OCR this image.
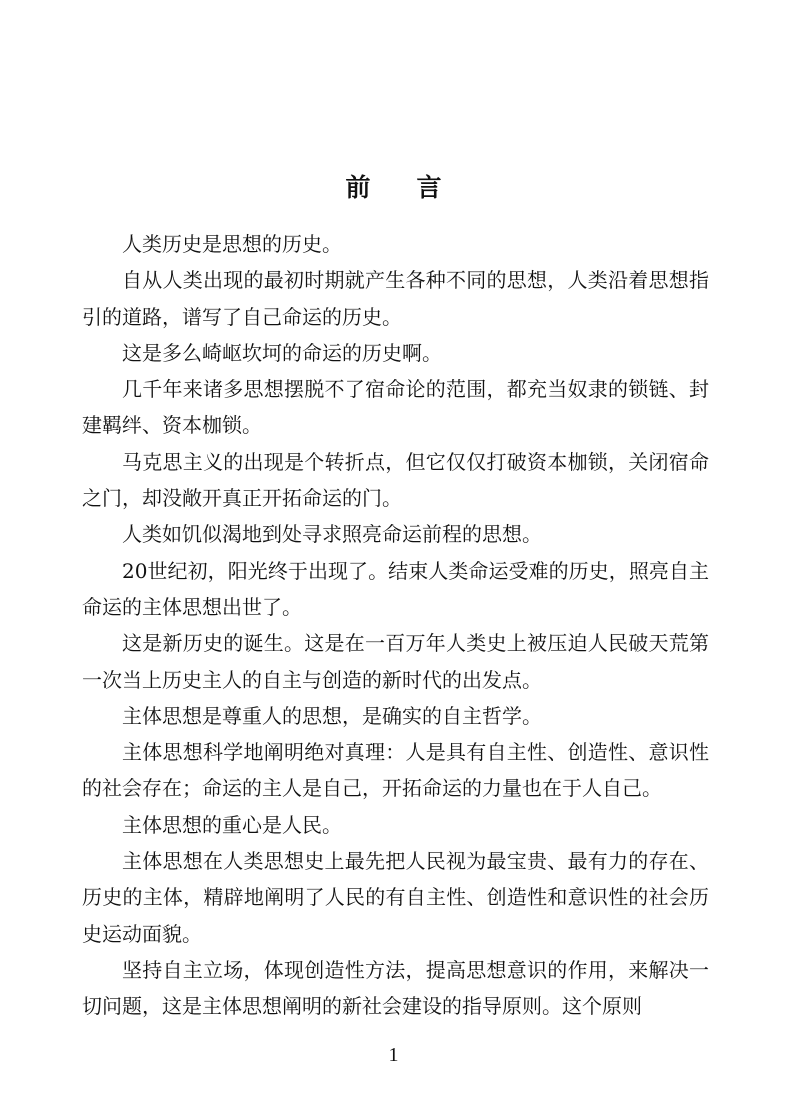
前 言

人类历史是思想的历史。

自从人类出现的最初时期就产生各种不同的思想，人类沿着思想指引的道路，谱写了自己命运的历史。

这是多么崎岖坎坷的命运的历史啊。

几千年来诸多思想摆脱不了宿命论的范围，都充当奴隶的锁链、封建羁绊、资本枷锁。

马克思主义的出现是个转折点，但它仅仅打破资本枷锁，关闭宿命之门，却没敞开真正开拓命运的门。

人类如饥似渴地到处寻求照亮命运前程的思想。

20世纪初，阳光终于出现了。结束人类命运受难的历史，照亮自主命运的主体思想出世了。

这是新历史的诞生。这是在一百万年人类史上被压迫人民破天荒第一次当上历史主人的自主与创造的新时代的出发点。

主体思想是尊重人的思想，是确实的自主哲学。

主体思想科学地阐明绝对真理：人是具有自主性、创造性、意识性的社会存在；命运的主人是自己，开拓命运的力量也在于人自己。

主体思想的重心是人民。

主体思想在人类思想史上最先把人民视为最宝贵、最有力的存在、历史的主体，精辟地阐明了人民的有自主性、创造性和意识性的社会历史运动面貌。

坚持自主立场，体现创造性方法，提高思想意识的作用，来解决一切问题，这是主体思想阐明的新社会建设的指导原则。这个原则

1
